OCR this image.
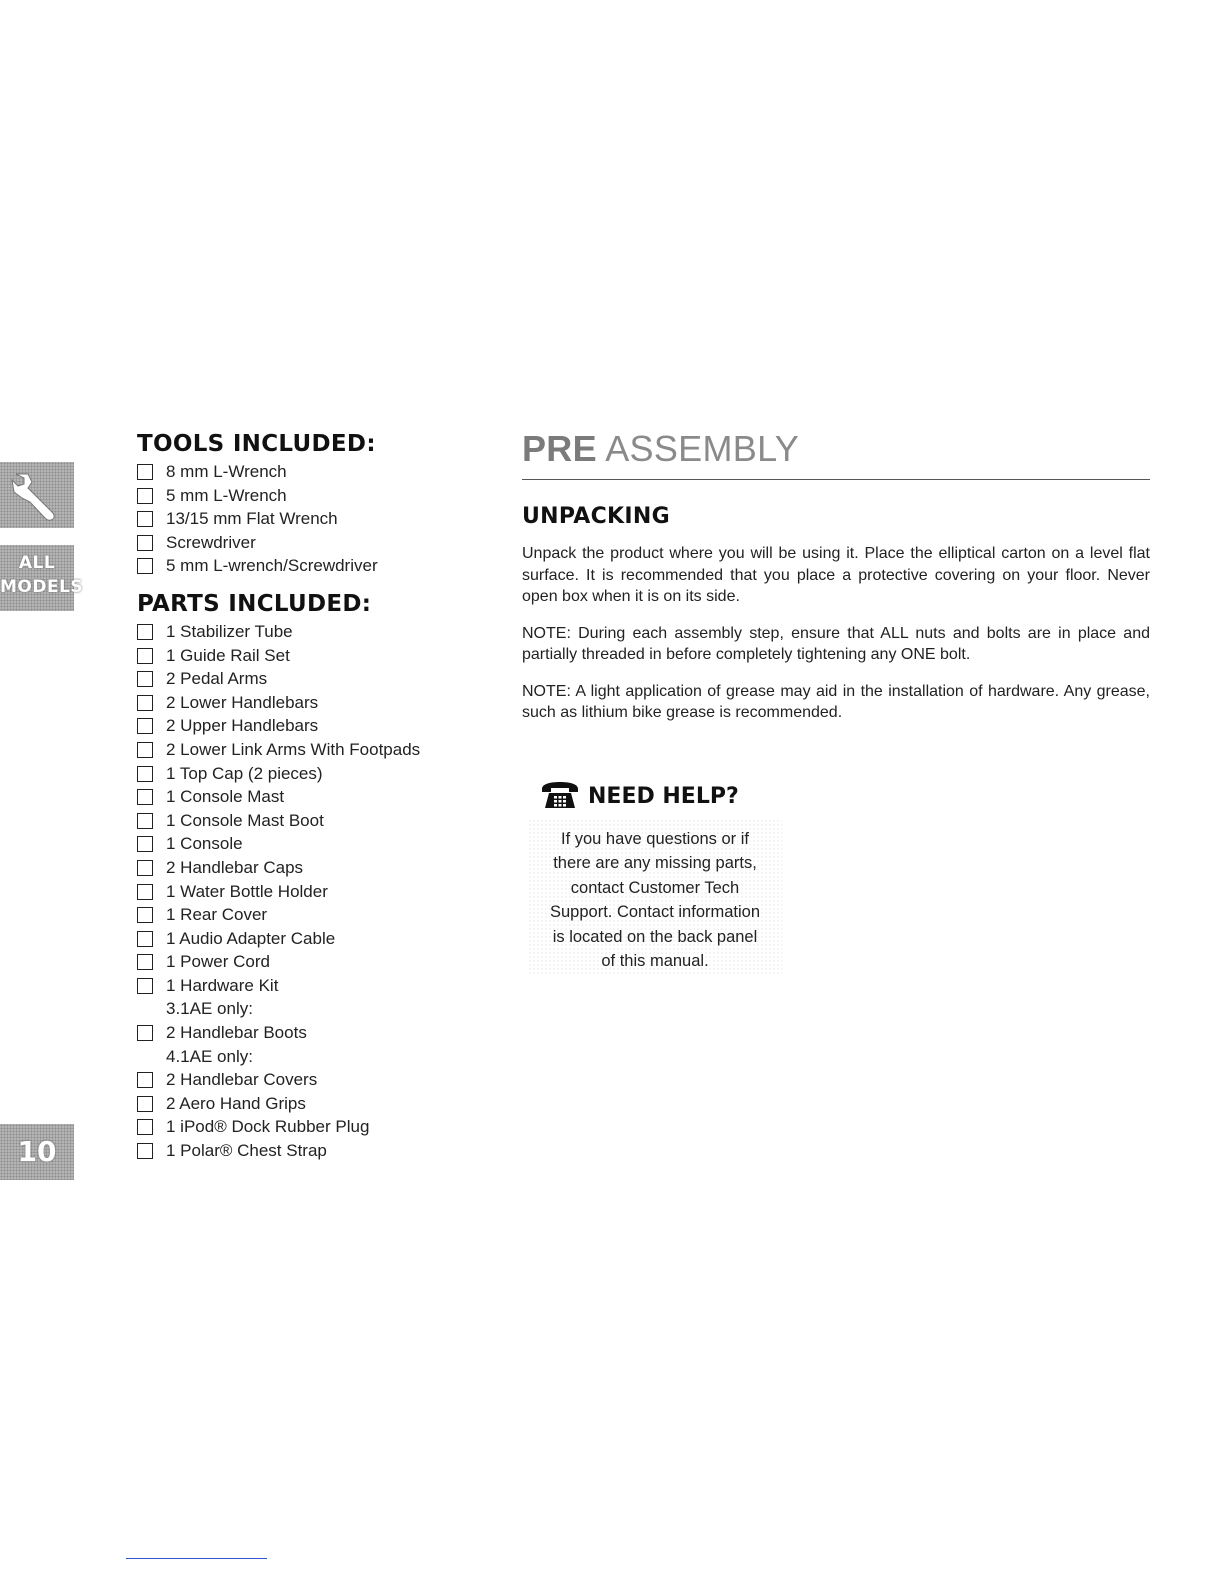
ALL
MODELS
10
TOOLS INCLUDED:
8 mm L-Wrench
5 mm L-Wrench
13/15 mm Flat Wrench
Screwdriver
5 mm L-wrench/Screwdriver
PARTS INCLUDED:
1 Stabilizer Tube
1 Guide Rail Set
2 Pedal Arms
2 Lower Handlebars
2 Upper Handlebars
2 Lower Link Arms With Footpads
1 Top Cap (2 pieces)
1 Console Mast
1 Console Mast Boot
1 Console
2 Handlebar Caps
1 Water Bottle Holder
1 Rear Cover
1 Audio Adapter Cable
1 Power Cord
1 Hardware Kit
3.1AE only:
2 Handlebar Boots
4.1AE only:
2 Handlebar Covers
2 Aero Hand Grips
1 iPod® Dock Rubber Plug
1 Polar® Chest Strap
PRE ASSEMBLY
UNPACKING

Unpack the product where you will be using it. Place the elliptical carton on a level flat surface. It is recommended that you place a protective covering on your floor. Never open box when it is on its side.

NOTE: During each assembly step, ensure that ALL nuts and bolts are in place and partially threaded in before completely tightening any ONE bolt.

NOTE: A light application of grease may aid in the installation of hardware. Any grease, such as lithium bike grease is recommended.

NEED HELP?
If you have questions or if
there are any missing parts,
contact Customer Tech
Support. Contact information
is located on the back panel
of this manual.
